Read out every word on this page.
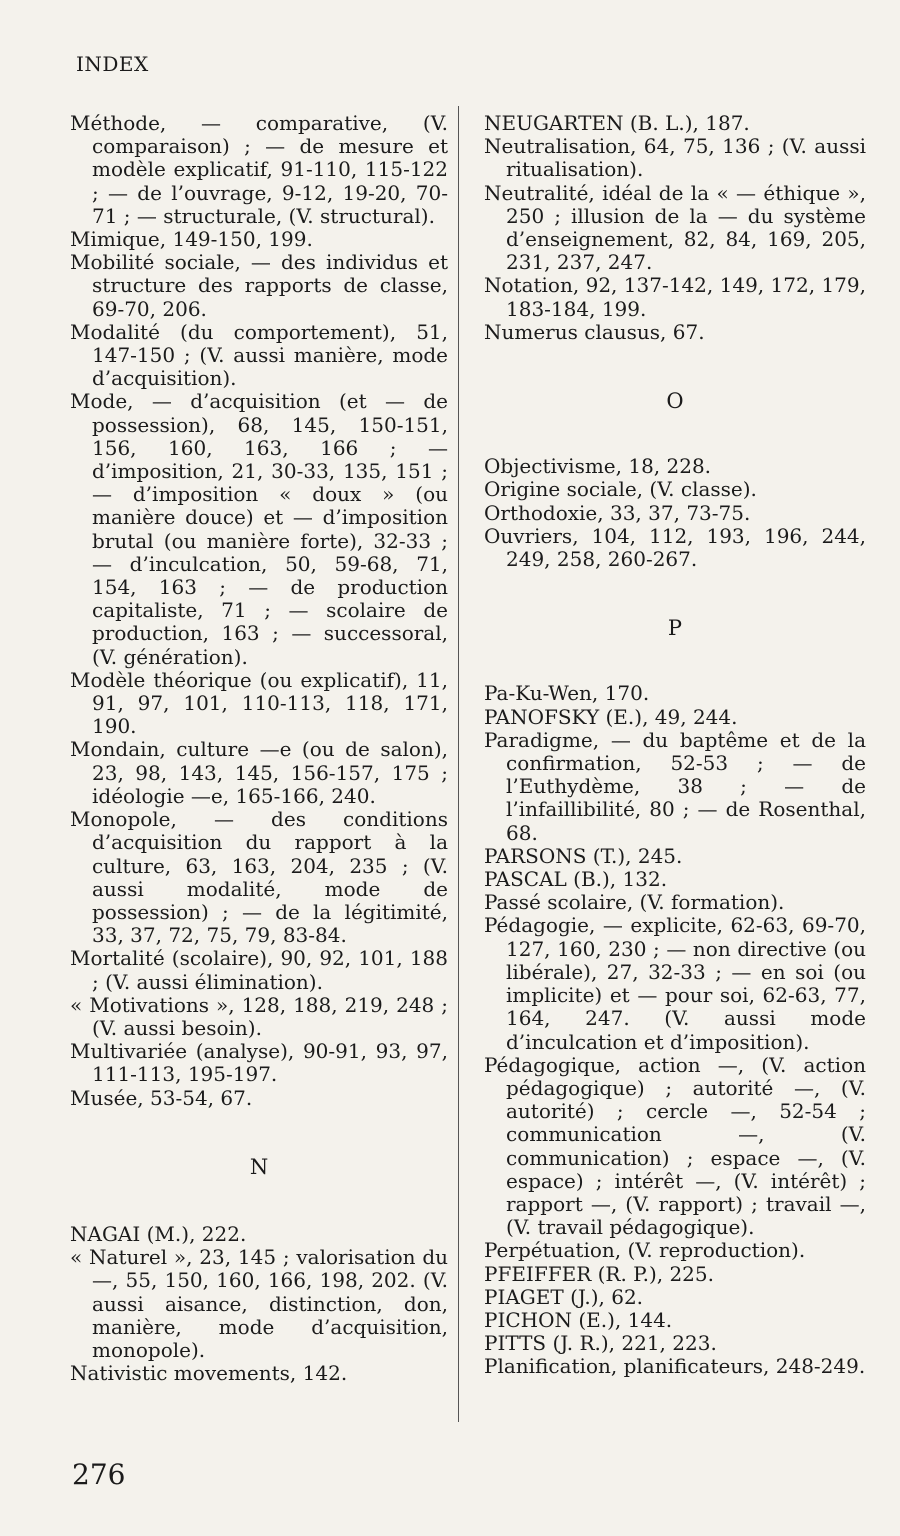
INDEX

Méthode, — comparative, (V. comparaison) ; — de mesure et modèle explicatif, 91-110, 115-122 ; — de l’ouvrage, 9-12, 19-20, 70-71 ; — structurale, (V. structural).

Mimique, 149-150, 199.

Mobilité sociale, — des individus et structure des rapports de classe, 69-70, 206.

Modalité (du comportement), 51, 147-150 ; (V. aussi manière, mode d’acquisition).

Mode, — d’acquisition (et — de possession), 68, 145, 150-151, 156, 160, 163, 166 ; — d’imposition, 21, 30-33, 135, 151 ; — d’imposition « doux » (ou manière douce) et — d’imposition brutal (ou manière forte), 32-33 ; — d’inculcation, 50, 59-68, 71, 154, 163 ; — de production capitaliste, 71 ; — scolaire de production, 163 ; — successoral, (V. génération).

Modèle théorique (ou explicatif), 11, 91, 97, 101, 110-113, 118, 171, 190.

Mondain, culture —e (ou de salon), 23, 98, 143, 145, 156-157, 175 ; idéologie —e, 165-166, 240.

Monopole, — des conditions d’acquisition du rapport à la culture, 63, 163, 204, 235 ; (V. aussi modalité, mode de possession) ; — de la légitimité, 33, 37, 72, 75, 79, 83-84.

Mortalité (scolaire), 90, 92, 101, 188 ; (V. aussi élimination).

« Motivations », 128, 188, 219, 248 ; (V. aussi besoin).

Multivariée (analyse), 90-91, 93, 97, 111-113, 195-197.

Musée, 53-54, 67.

N

NAGAI (M.), 222.

« Naturel », 23, 145 ; valorisation du —, 55, 150, 160, 166, 198, 202. (V. aussi aisance, distinction, don, manière, mode d’acquisition, monopole).

Nativistic movements, 142.

NEUGARTEN (B. L.), 187.

Neutralisation, 64, 75, 136 ; (V. aussi ritualisation).

Neutralité, idéal de la « — éthique », 250 ; illusion de la — du système d’enseignement, 82, 84, 169, 205, 231, 237, 247.

Notation, 92, 137-142, 149, 172, 179, 183-184, 199.

Numerus clausus, 67.

O

Objectivisme, 18, 228.

Origine sociale, (V. classe).

Orthodoxie, 33, 37, 73-75.

Ouvriers, 104, 112, 193, 196, 244, 249, 258, 260-267.

P

Pa-Ku-Wen, 170.

PANOFSKY (E.), 49, 244.

Paradigme, — du baptême et de la confirmation, 52-53 ; — de l’Euthydème, 38 ; — de l’infaillibilité, 80 ; — de Rosenthal, 68.

PARSONS (T.), 245.

PASCAL (B.), 132.

Passé scolaire, (V. formation).

Pédagogie, — explicite, 62-63, 69-70, 127, 160, 230 ; — non directive (ou libérale), 27, 32-33 ; — en soi (ou implicite) et — pour soi, 62-63, 77, 164, 247. (V. aussi mode d’inculcation et d’imposition).

Pédagogique, action —, (V. action pédagogique) ; autorité —, (V. autorité) ; cercle —, 52-54 ; communication —, (V. communication) ; espace —, (V. espace) ; intérêt —, (V. intérêt) ; rapport —, (V. rapport) ; travail —, (V. travail pédagogique).

Perpétuation, (V. reproduction).

PFEIFFER (R. P.), 225.

PIAGET (J.), 62.

PICHON (E.), 144.

PITTS (J. R.), 221, 223.

Planification, planificateurs, 248-249.

276
